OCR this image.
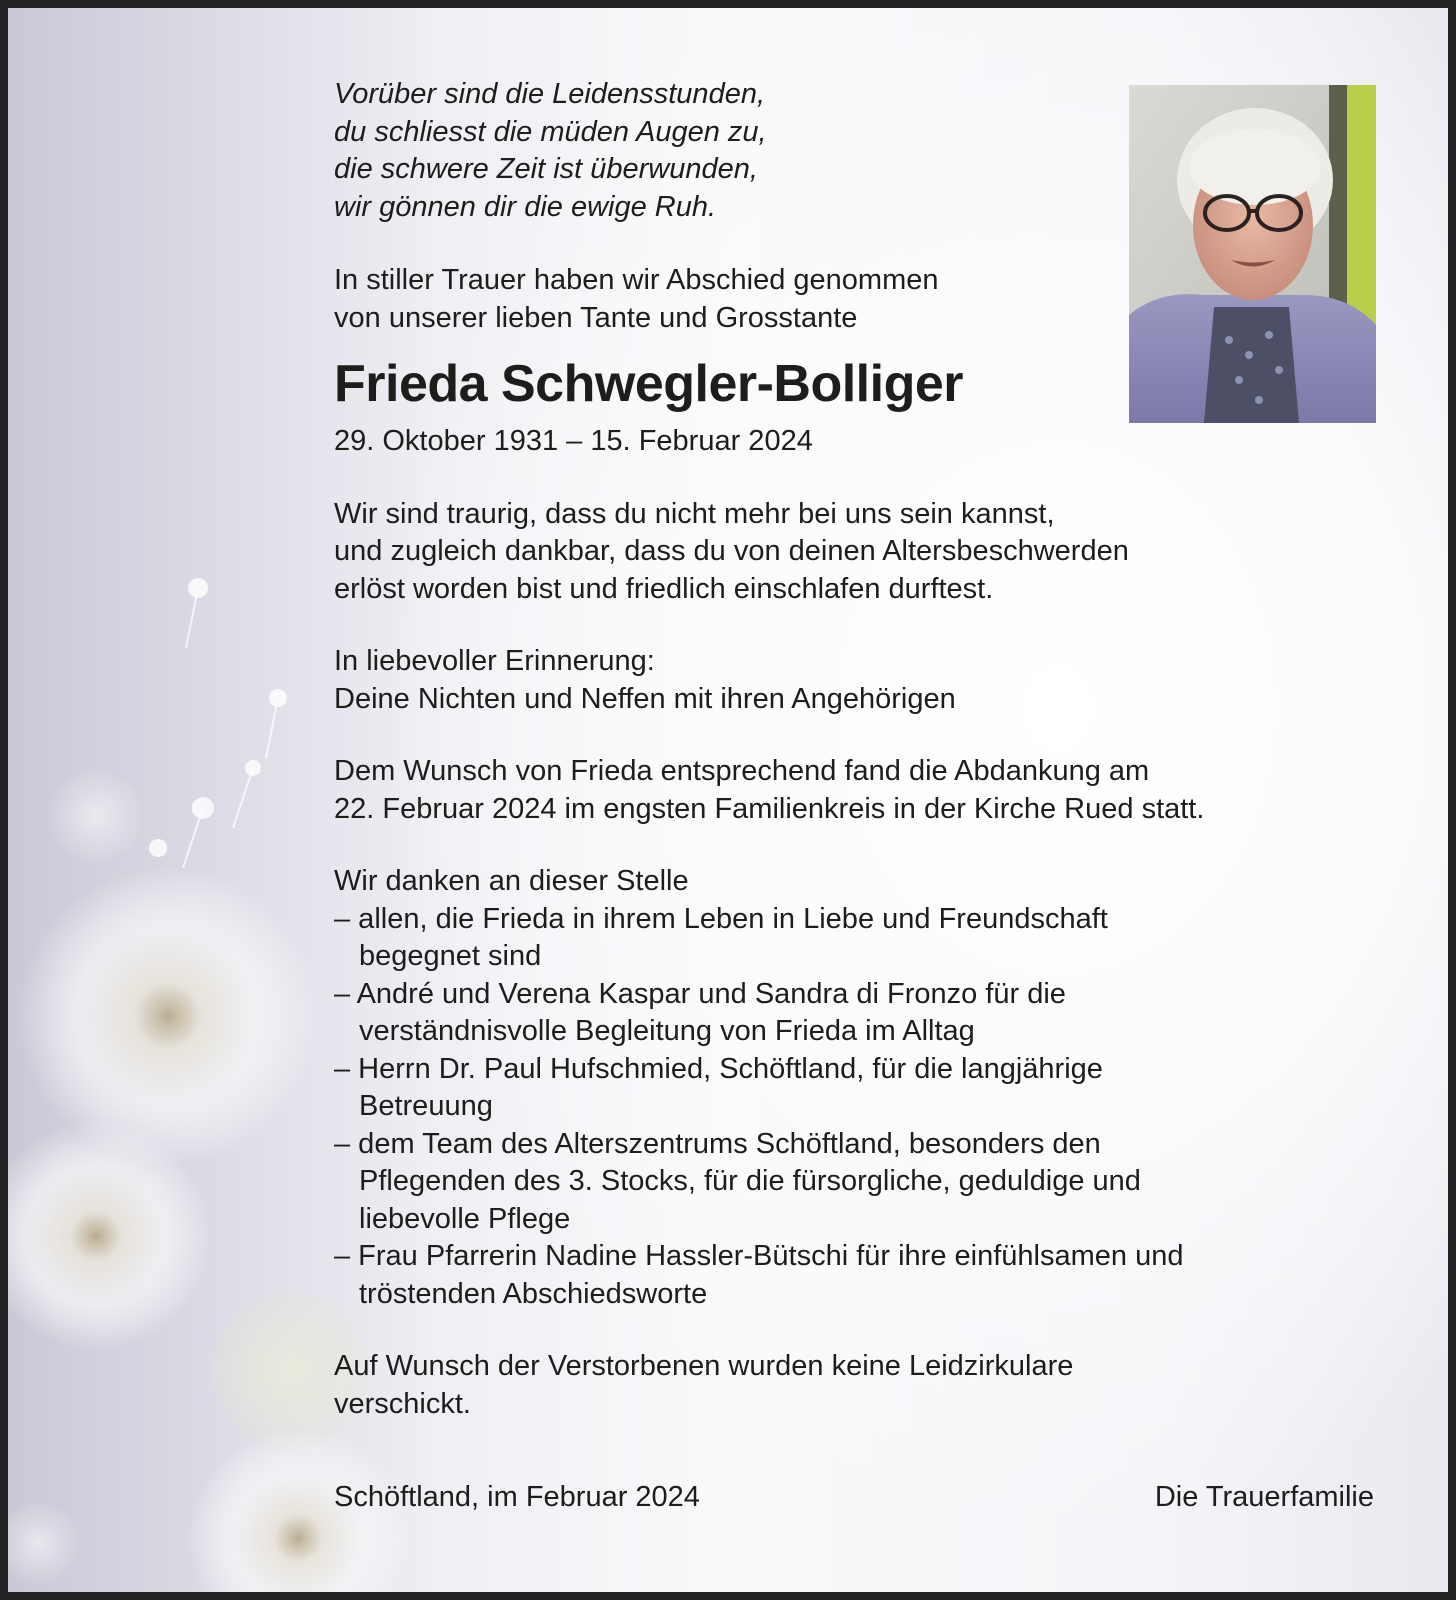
Vorüber sind die Leidensstunden,
du schliesst die müden Augen zu,
die schwere Zeit ist überwunden,
wir gönnen dir die ewige Ruh.
In stiller Trauer haben wir Abschied genommen
von unserer lieben Tante und Grosstante
Frieda Schwegler-Bolliger
29. Oktober 1931 – 15. Februar 2024
Wir sind traurig, dass du nicht mehr bei uns sein kannst,
und zugleich dankbar, dass du von deinen Altersbeschwerden
erlöst worden bist und friedlich einschlafen durftest.
In liebevoller Erinnerung:
Deine Nichten und Neffen mit ihren Angehörigen
Dem Wunsch von Frieda entsprechend fand die Abdankung am
22. Februar 2024 im engsten Familienkreis in der Kirche Rued statt.
Wir danken an dieser Stelle
– allen, die Frieda in ihrem Leben in Liebe und Freundschaft
begegnet sind
– André und Verena Kaspar und Sandra di Fronzo für die
verständnisvolle Begleitung von Frieda im Alltag
– Herrn Dr. Paul Hufschmied, Schöftland, für die langjährige
Betreuung
– dem Team des Alterszentrums Schöftland, besonders den
Pflegenden des 3. Stocks, für die fürsorgliche, geduldige und
liebevolle Pflege
– Frau Pfarrerin Nadine Hassler-Bütschi für ihre einfühlsamen und
tröstenden Abschiedsworte
Auf Wunsch der Verstorbenen wurden keine Leidzirkulare
verschickt.
Schöftland, im Februar 2024	Die Trauerfamilie
